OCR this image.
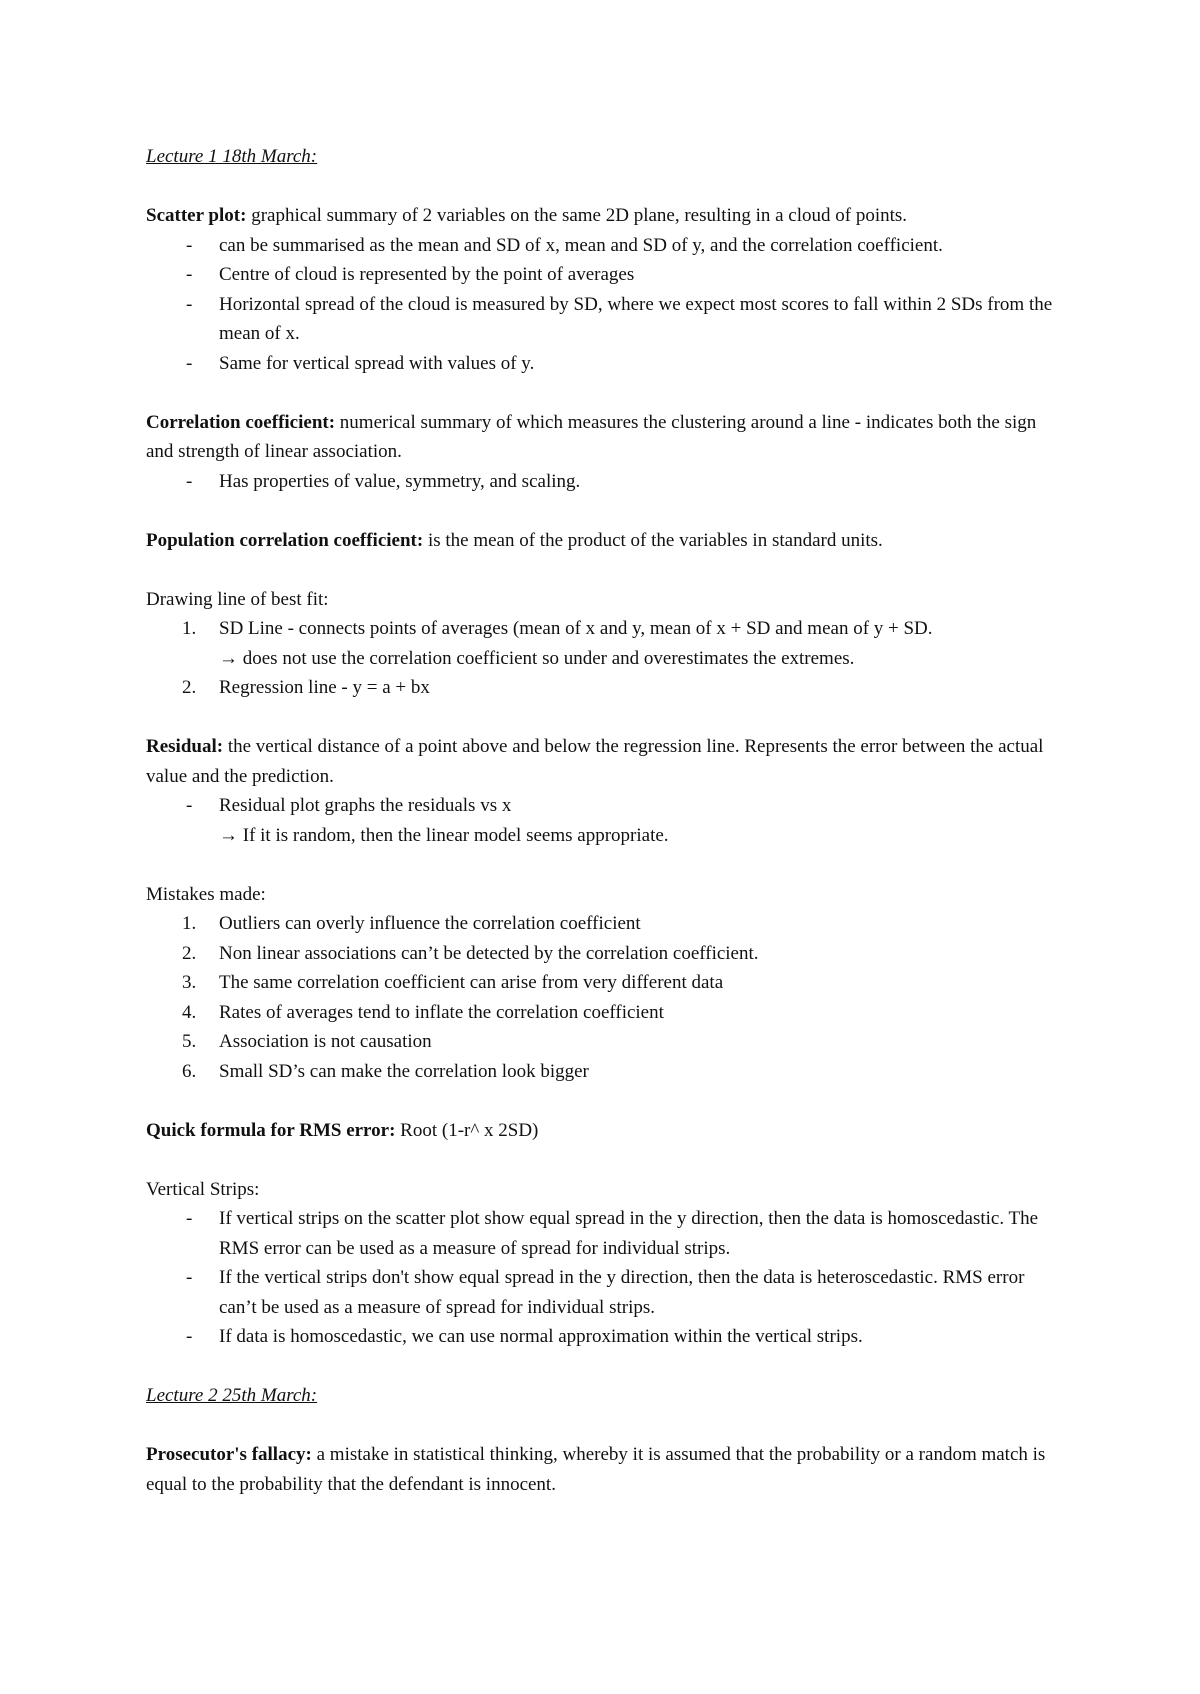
Lecture 1 18th March:

Scatter plot: graphical summary of 2 variables on the same 2D plane, resulting in a cloud of points.

- can be summarised as the mean and SD of x, mean and SD of y, and the correlation coefficient.
- Centre of cloud is represented by the point of averages
- Horizontal spread of the cloud is measured by SD, where we expect most scores to fall within 2 SDs from the mean of x.
- Same for vertical spread with values of y.

Correlation coefficient: numerical summary of which measures the clustering around a line - indicates both the sign and strength of linear association.

- Has properties of value, symmetry, and scaling.

Population correlation coefficient: is the mean of the product of the variables in standard units.

Drawing line of best fit:

1. SD Line - connects points of averages (mean of x and y, mean of x + SD and mean of y + SD.
→ does not use the correlation coefficient so under and overestimates the extremes.
2. Regression line - y = a + bx

Residual: the vertical distance of a point above and below the regression line. Represents the error between the actual value and the prediction.

- Residual plot graphs the residuals vs x
→ If it is random, then the linear model seems appropriate.

Mistakes made:

1. Outliers can overly influence the correlation coefficient
2. Non linear associations can’t be detected by the correlation coefficient.
3. The same correlation coefficient can arise from very different data
4. Rates of averages tend to inflate the correlation coefficient
5. Association is not causation
6. Small SD’s can make the correlation look bigger

Quick formula for RMS error: Root (1-r^ x 2SD)

Vertical Strips:

- If vertical strips on the scatter plot show equal spread in the y direction, then the data is homoscedastic. The RMS error can be used as a measure of spread for individual strips.
- If the vertical strips don't show equal spread in the y direction, then the data is heteroscedastic. RMS error can’t be used as a measure of spread for individual strips.
- If data is homoscedastic, we can use normal approximation within the vertical strips.

Lecture 2 25th March:

Prosecutor's fallacy: a mistake in statistical thinking, whereby it is assumed that the probability or a random match is equal to the probability that the defendant is innocent.
